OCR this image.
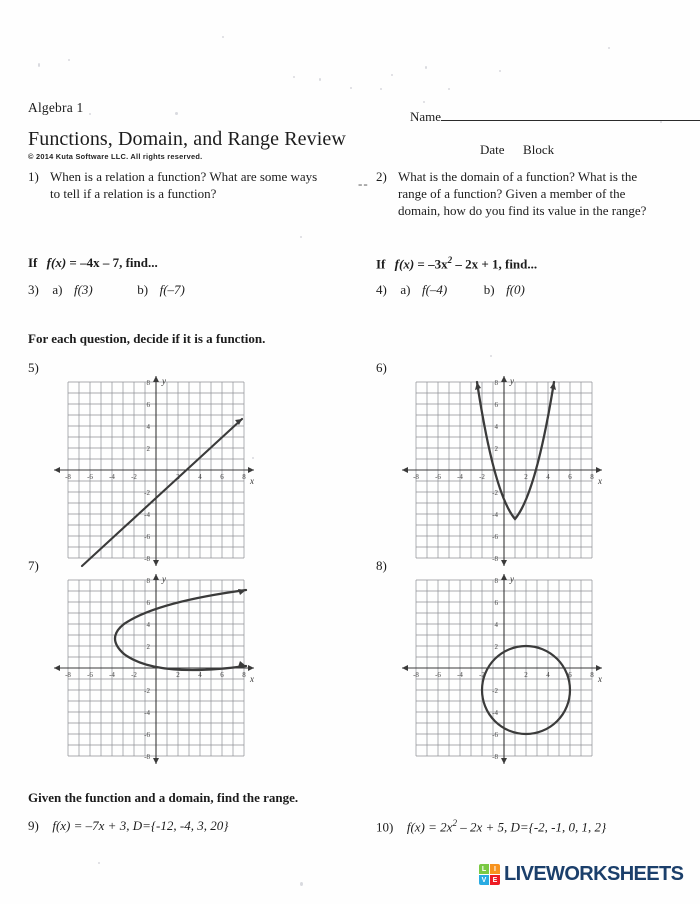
Algebra 1
Functions, Domain, and Range Review
© 2014 Kuta Software LLC. All rights reserved.
Name
Date Block
1) When is a relation a function? What are some ways to tell if a relation is a function?
-- 2) What is the domain of a function? What is the range of a function? Given a member of the domain, how do you find its value in the range?
If f(x) = –4x – 7, find...
3) a) f(3)	b) f(–7)
If $f(x) = -3x^2 - 2x + 1$, find...
4) a) f(–4)	b) f(0)
For each question, decide if it is a function.
5)	6)
7)	8)
-8 -6 -4 -2	2	4	6	8
8
6
4
2
-2
-4
-6
-8
x
y
-8 -6 -4 -2	2	4	6	8
8
6
4
2
-2
-4
-6
-8
x
y
-8 -6 -4 -2	2	4	6	8
8
6
4
2
-2
-4
-6
-8
x
y
-8 -6 -4 -2	2	4	6	8
8
6
4
2
-2
-4
-6
-8
x
y
Given the function and a domain, find the range.
9) f(x) = –7x + 3, D={-12, -4, 3, 20}	10) $f(x) = 2x^2 - 2x + 5$, D={-2, -1, 0, 1, 2}
L	I
V E LIVEWORKSHEETS
